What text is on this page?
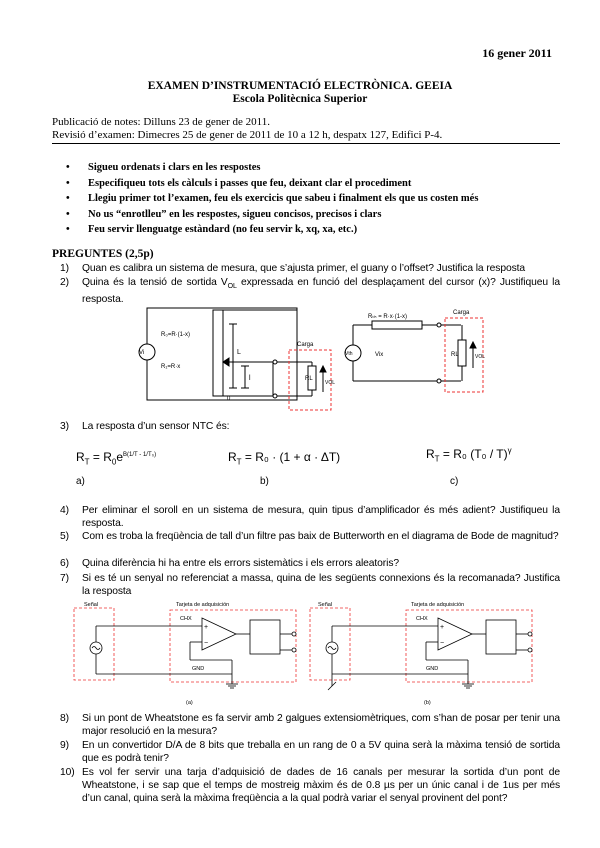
16 gener 2011
EXAMEN D’INSTRUMENTACIÓ ELECTRÒNICA. GEEIA
Escola Politècnica Superior
Publicació de notes: Dilluns 23 de gener de 2011.
Revisió d’examen: Dimecres 25 de gener de 2011 de 10 a 12 h, despatx 127, Edifici P-4.
• Sigueu ordenats i clars en les respostes
• Especifiqueu tots els càlculs i passes que feu, deixant clar el procediment
• Llegiu primer tot l’examen, feu els exercicis que sabeu i finalment els que us costen més
• No us “enrotlleu” en les respostes, sigueu concisos, precisos i clars
• Feu servir llenguatge estàndard (no feu servir k, xq, xa, etc.)
PREGUNTES (2,5p)
1) Quan es calibra un sistema de mesura, que s’ajusta primer, el guany o l’offset? Justifica la resposta
2) Quina és la tensió de sortida $V_{OL}$ expressada en funció del desplaçament del cursor (x)? Justifiqueu la resposta.
Vi
R₀=R·(1-x)
R₁=R·x
L
l
0
Carga
RL
VOL
Rₜₕ = R·x·(1-x)
Vth	Vix
Carga
RL	VOL
3) La resposta d’un sensor NTC és:
$R_T = R_0e^{B(1/T - 1/T_0)}$	$R_T = R_0 \cdot (1 + \alpha \cdot \Delta T)$	$R_T = R_0$ (T₀ / T)$^\gamma$
a)	b)	c)
4) Per eliminar el soroll en un sistema de mesura, quin tipus d’amplificador és més adient? Justifiqueu la resposta.
5) Com es troba la freqüència de tall d’un filtre pas baix de Butterworth en el diagrama de Bode de magnitud?
6) Quina diferència hi ha entre els errors sistemàtics i els errors aleatoris?
7) Si es té un senyal no referenciat a massa, quina de les següents connexions és la recomanada? Justifica la resposta
Señal	Tarjeta de adquisición
CHX
GND
(a)
Señal	Tarjeta de adquisición
CHX
GND
(b)
+
−
+
−
8) Si un pont de Wheatstone es fa servir amb 2 galgues extensiomètriques, com s’han de posar per tenir una major resolució en la mesura?
9) En un convertidor D/A de 8 bits que treballa en un rang de 0 a 5V quina serà la màxima tensió de sortida que es podrà tenir?
10) Es vol fer servir una tarja d’adquisició de dades de 16 canals per mesurar la sortida d’un pont de Wheatstone, i se sap que el temps de mostreig màxim és de 0.8 µs per un únic canal i de 1us per més d’un canal, quina serà la màxima freqüència a la qual podrà variar el senyal provinent del pont?
